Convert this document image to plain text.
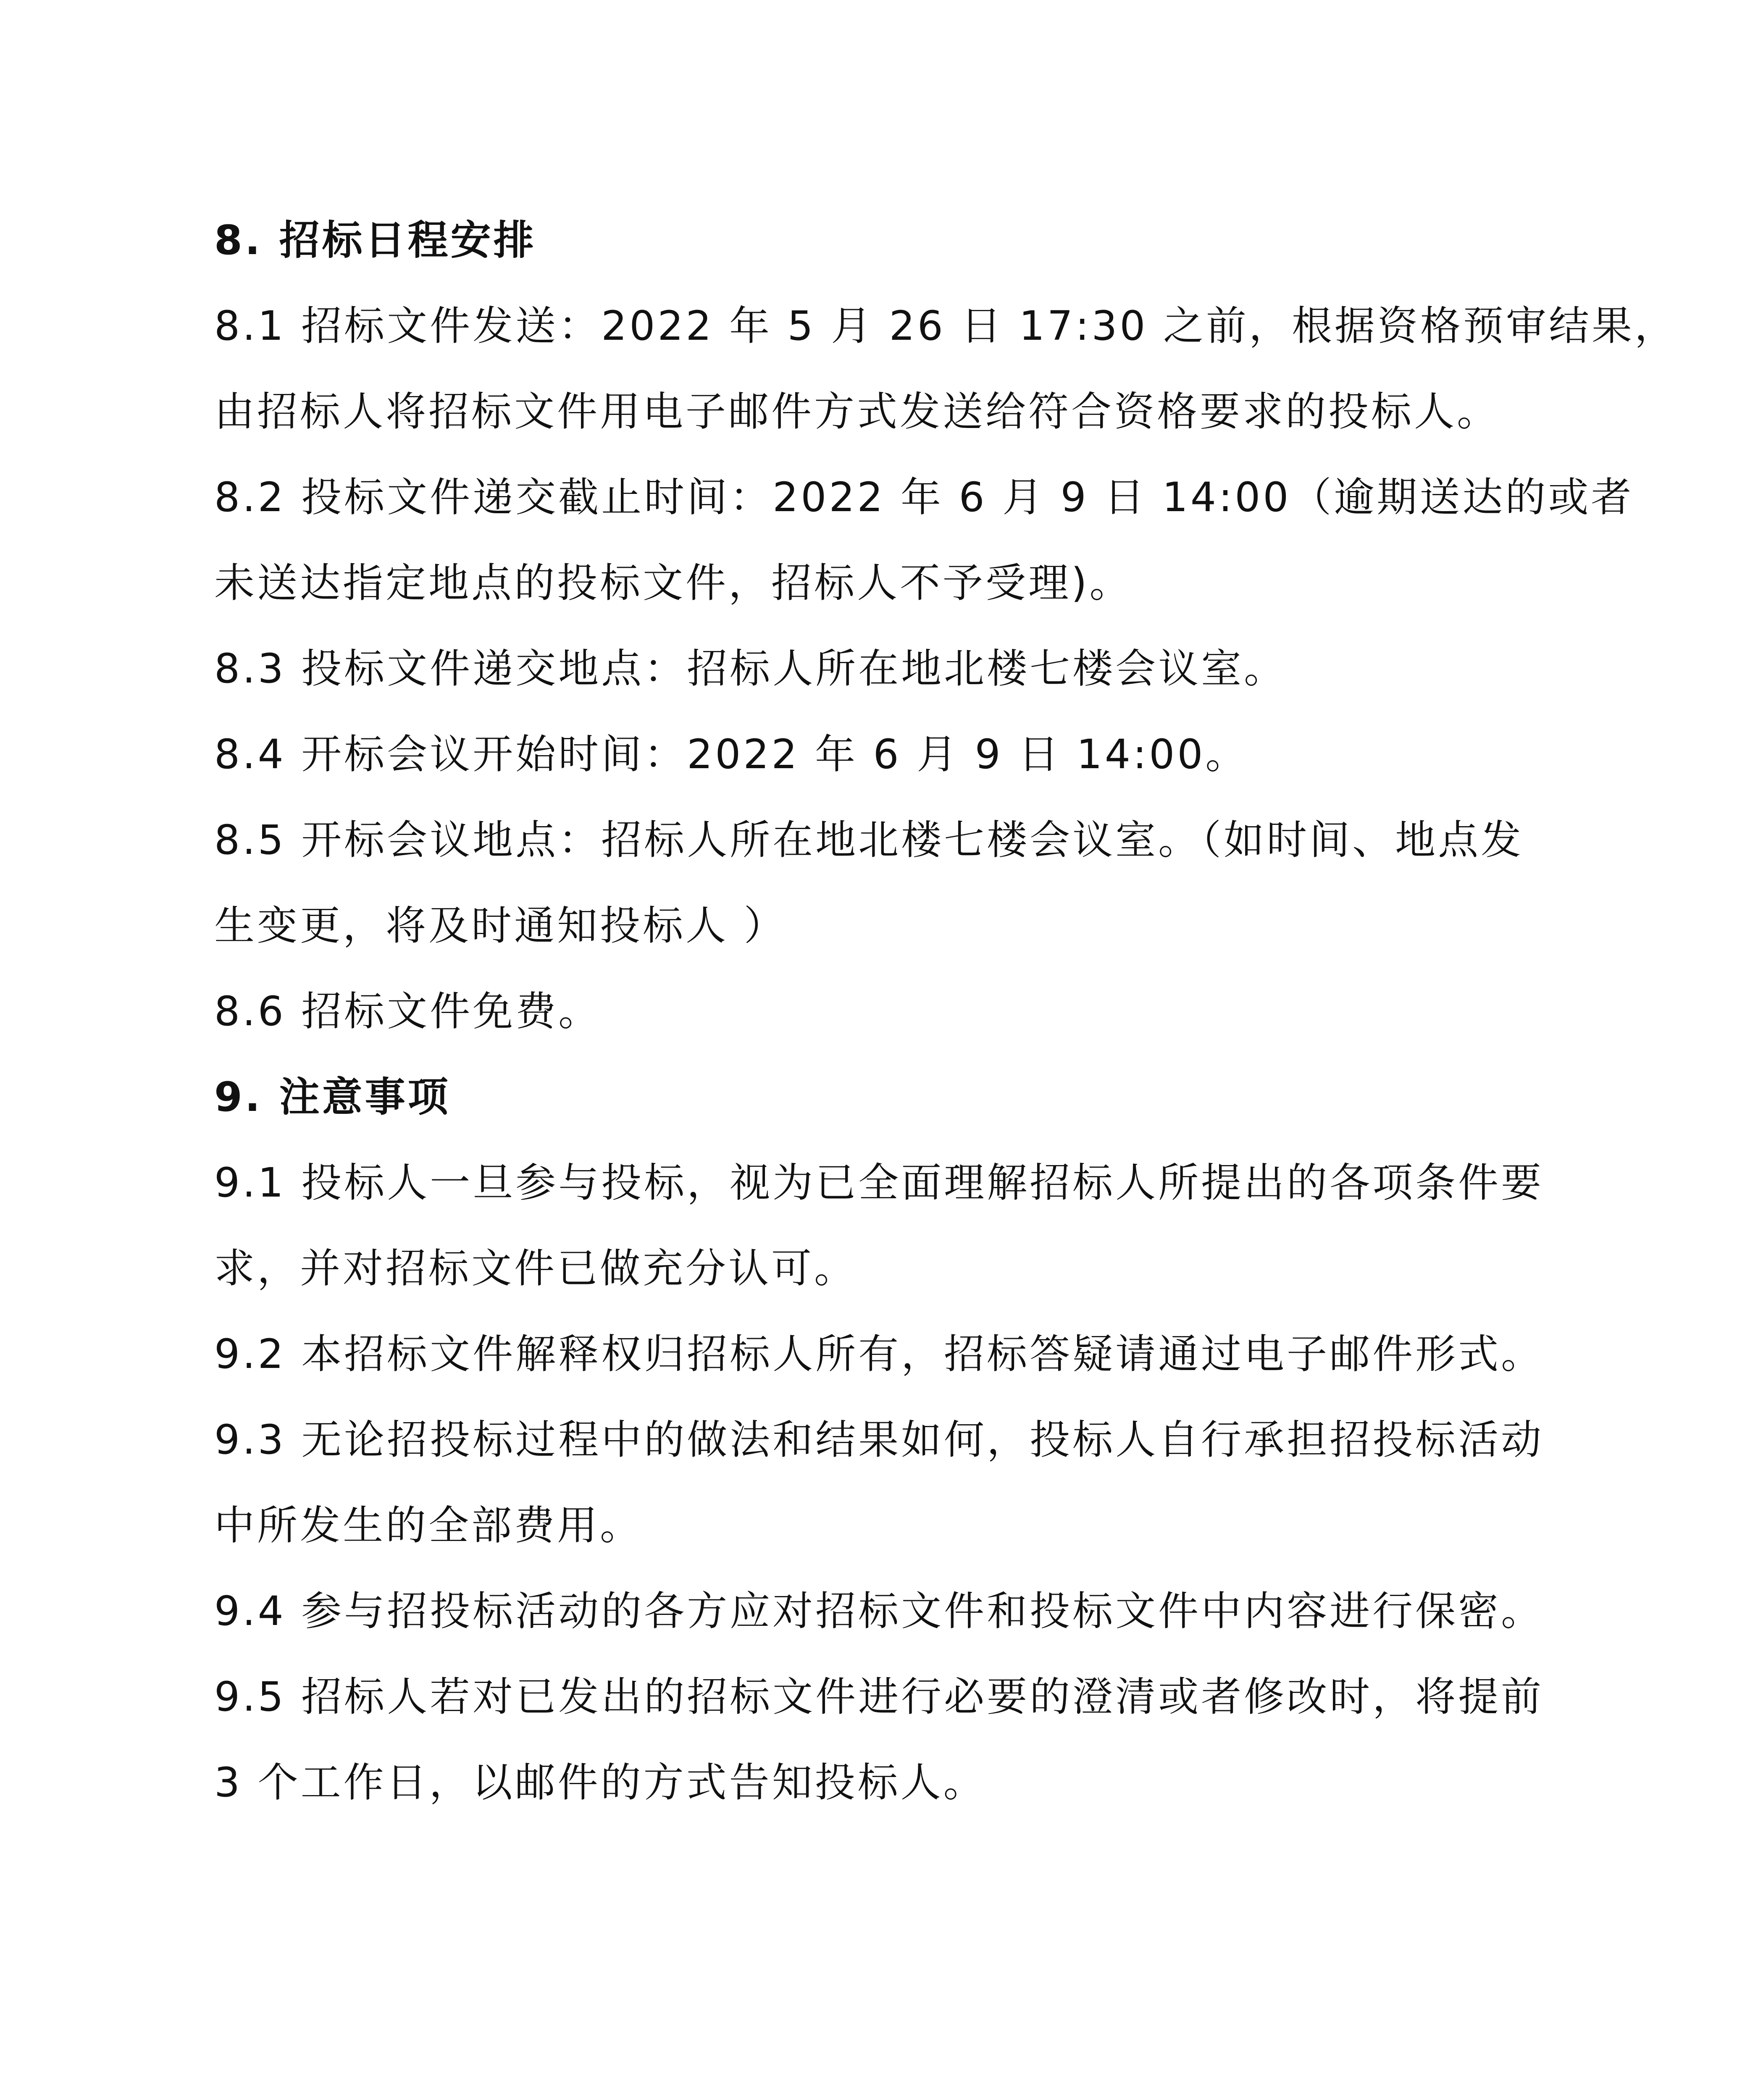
8. 招标日程安排
8.1 招标文件发送：2022 年 5 月 26 日 17:30 之前，根据资格预审结果，
由招标人将招标文件用电子邮件方式发送给符合资格要求的投标人。
8.2 投标文件递交截止时间：2022 年 6 月 9 日 14:00（逾期送达的或者
未送达指定地点的投标文件，招标人不予受理)。
8.3 投标文件递交地点：招标人所在地北楼七楼会议室。
8.4 开标会议开始时间：2022 年 6 月 9 日 14:00。
8.5 开标会议地点：招标人所在地北楼七楼会议室。（如时间、地点发
生变更，将及时通知投标人 ）
8.6 招标文件免费。
9. 注意事项
9.1 投标人一旦参与投标，视为已全面理解招标人所提出的各项条件要
求，并对招标文件已做充分认可。
9.2 本招标文件解释权归招标人所有，招标答疑请通过电子邮件形式。
9.3 无论招投标过程中的做法和结果如何，投标人自行承担招投标活动
中所发生的全部费用。
9.4 参与招投标活动的各方应对招标文件和投标文件中内容进行保密。
9.5 招标人若对已发出的招标文件进行必要的澄清或者修改时，将提前
3 个工作日，以邮件的方式告知投标人。
